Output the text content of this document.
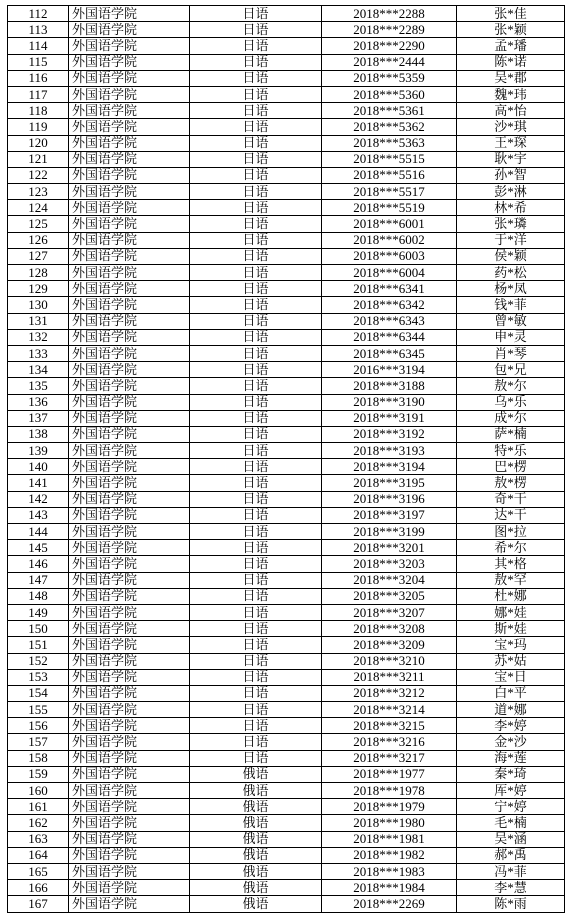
112	外国语学院	日语	2018***2288	张*佳
113	外国语学院	日语	2018***2289	张*颖
114	外国语学院	日语	2018***2290	孟*璠
115	外国语学院	日语	2018***2444	陈*诺
116	外国语学院	日语	2018***5359	吴*郡
117	外国语学院	日语	2018***5360	魏*玮
118	外国语学院	日语	2018***5361	高*怡
119	外国语学院	日语	2018***5362	沙*琪
120	外国语学院	日语	2018***5363	王*琛
121	外国语学院	日语	2018***5515	耿*宇
122	外国语学院	日语	2018***5516	孙*智
123	外国语学院	日语	2018***5517	彭*淋
124	外国语学院	日语	2018***5519	林*希
125	外国语学院	日语	2018***6001	张*璘
126	外国语学院	日语	2018***6002	于*洋
127	外国语学院	日语	2018***6003	侯*颖
128	外国语学院	日语	2018***6004	药*松
129	外国语学院	日语	2018***6341	杨*凤
130	外国语学院	日语	2018***6342	钱*菲
131	外国语学院	日语	2018***6343	曾*敏
132	外国语学院	日语	2018***6344	申*灵
133	外国语学院	日语	2018***6345	肖*琴
134	外国语学院	日语	2016***3194	包*兄
135	外国语学院	日语	2018***3188	敖*尔
136	外国语学院	日语	2018***3190	乌*乐
137	外国语学院	日语	2018***3191	成*尔
138	外国语学院	日语	2018***3192	萨*楠
139	外国语学院	日语	2018***3193	特*乐
140	外国语学院	日语	2018***3194	巴*楞
141	外国语学院	日语	2018***3195	敖*楞
142	外国语学院	日语	2018***3196	奇*干
143	外国语学院	日语	2018***3197	达*干
144	外国语学院	日语	2018***3199	图*拉
145	外国语学院	日语	2018***3201	希*尔
146	外国语学院	日语	2018***3203	其*格
147	外国语学院	日语	2018***3204	敖*罕
148	外国语学院	日语	2018***3205	杜*娜
149	外国语学院	日语	2018***3207	娜*娃
150	外国语学院	日语	2018***3208	斯*娃
151	外国语学院	日语	2018***3209	宝*玛
152	外国语学院	日语	2018***3210	苏*姑
153	外国语学院	日语	2018***3211	宝*日
154	外国语学院	日语	2018***3212	白*平
155	外国语学院	日语	2018***3214	道*娜
156	外国语学院	日语	2018***3215	李*婷
157	外国语学院	日语	2018***3216	金*沙
158	外国语学院	日语	2018***3217	海*莲
159	外国语学院	俄语	2018***1977	秦*琦
160	外国语学院	俄语	2018***1978	厍*婷
161	外国语学院	俄语	2018***1979	宁*婷
162	外国语学院	俄语	2018***1980	毛*楠
163	外国语学院	俄语	2018***1981	吴*涵
164	外国语学院	俄语	2018***1982	郝*禹
165	外国语学院	俄语	2018***1983	冯*菲
166	外国语学院	俄语	2018***1984	李*慧
167	外国语学院	俄语	2018***2269	陈*雨
